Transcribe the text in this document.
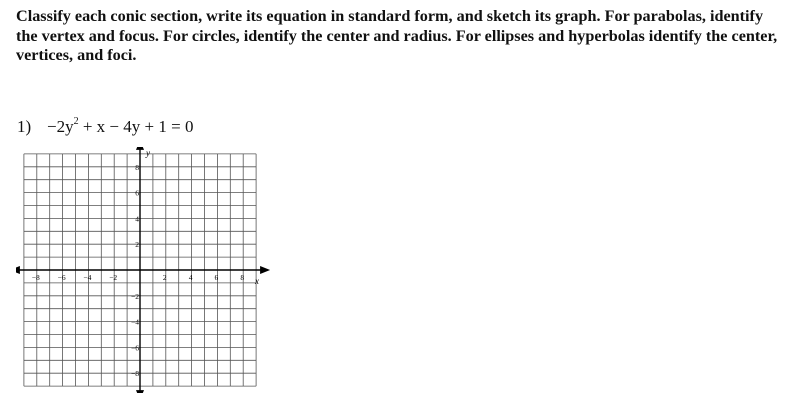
Classify each conic section, write its equation in standard form, and sketch its graph. For parabolas, identify the vertex and focus. For circles, identify the center and radius. For ellipses and hyperbolas identify the center, vertices, and foci.
$1) -2y^2 + x - 4y + 1 = 0$
−8 −6 −4 −2	2	4	6	8
8
6
4
2
−2
−4
−6
−8
x
y
